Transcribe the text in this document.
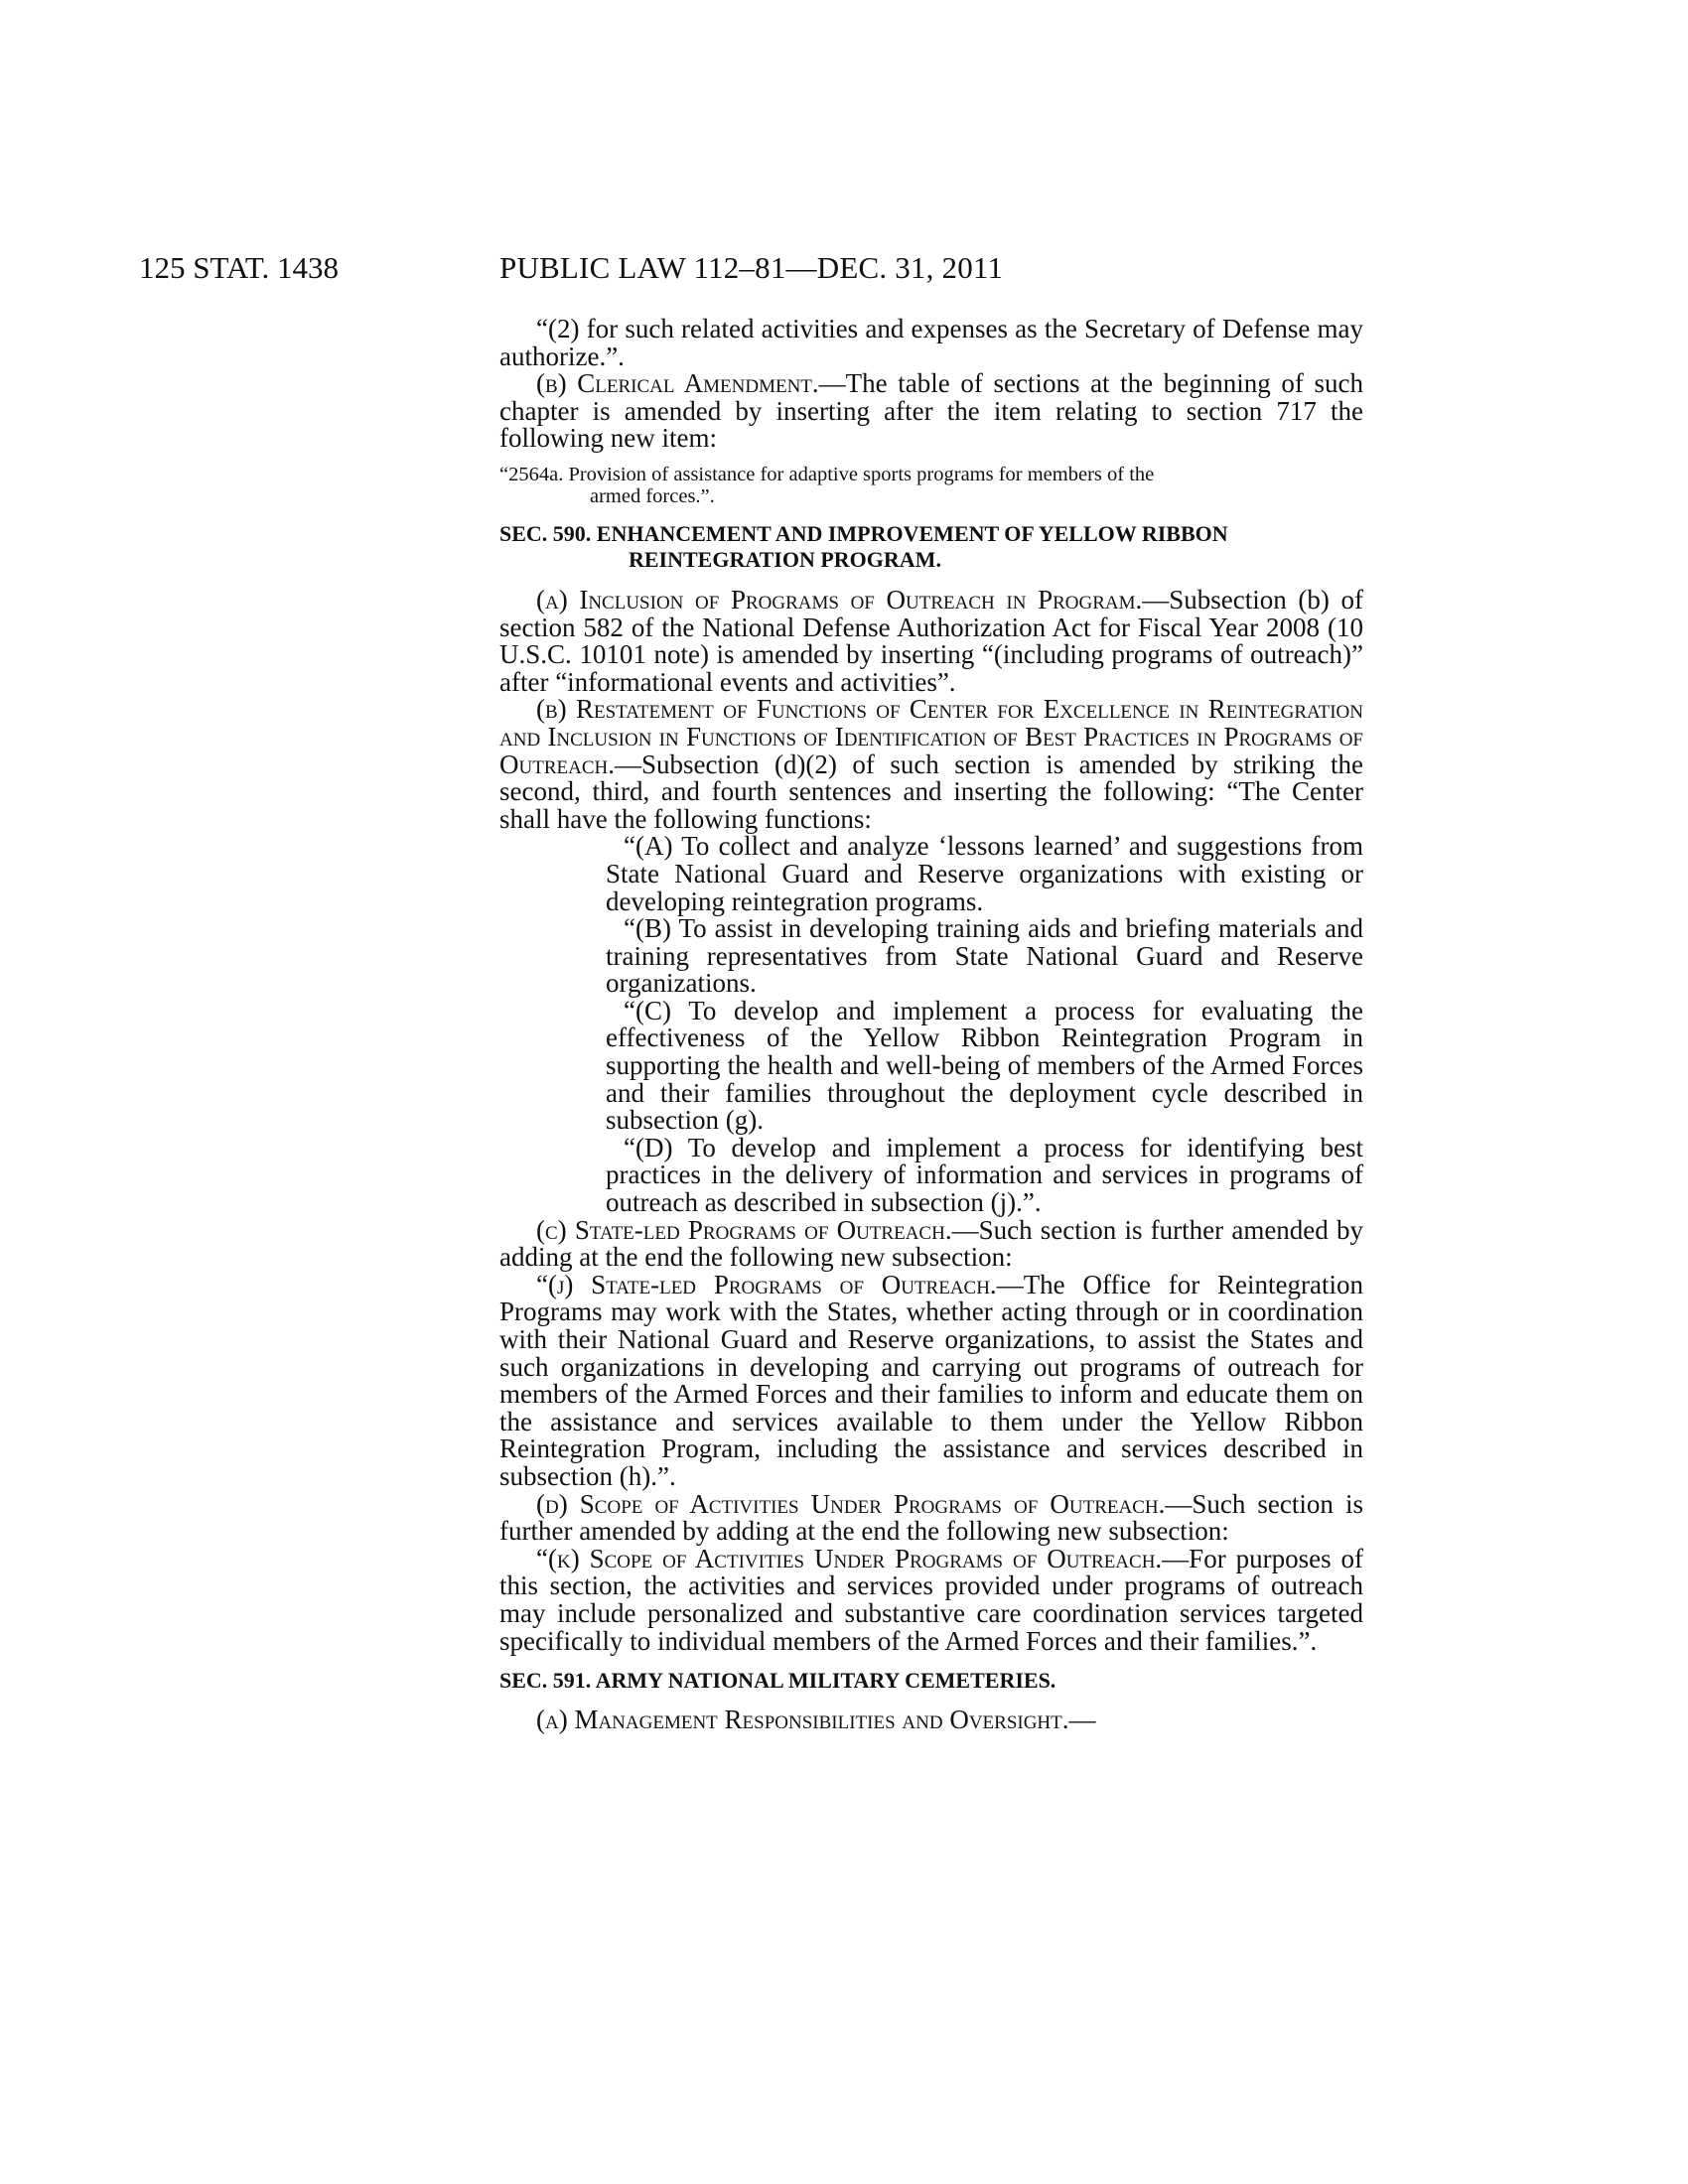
125 STAT. 1438	PUBLIC LAW 112–81—DEC. 31, 2011

“(2) for such related activities and expenses as the Secretary of Defense may authorize.”.

(b) Clerical Amendment.—The table of sections at the beginning of such chapter is amended by inserting after the item relating to section 717 the following new item:

“2564a. Provision of assistance for adaptive sports programs for members of the
armed forces.”.
SEC. 590. ENHANCEMENT AND IMPROVEMENT OF YELLOW RIBBON
REINTEGRATION PROGRAM.

(a) Inclusion of Programs of Outreach in Program.—Subsection (b) of section 582 of the National Defense Authorization Act for Fiscal Year 2008 (10 U.S.C. 10101 note) is amended by inserting “(including programs of outreach)” after “informational events and activities”.

(b) Restatement of Functions of Center for Excellence in Reintegration and Inclusion in Functions of Identification of Best Practices in Programs of Outreach.—Subsection (d)(2) of such section is amended by striking the second, third, and fourth sentences and inserting the following: “The Center shall have the following functions:

“(A) To collect and analyze ‘lessons learned’ and suggestions from State National Guard and Reserve organizations with existing or developing reintegration programs.

“(B) To assist in developing training aids and briefing materials and training representatives from State National Guard and Reserve organizations.

“(C) To develop and implement a process for evaluating the effectiveness of the Yellow Ribbon Reintegration Program in supporting the health and well-being of members of the Armed Forces and their families throughout the deployment cycle described in subsection (g).

“(D) To develop and implement a process for identifying best practices in the delivery of information and services in programs of outreach as described in subsection (j).”.

(c) State-led Programs of Outreach.—Such section is further amended by adding at the end the following new subsection:

“(j) State-led Programs of Outreach.—The Office for Reintegration Programs may work with the States, whether acting through or in coordination with their National Guard and Reserve organizations, to assist the States and such organizations in developing and carrying out programs of outreach for members of the Armed Forces and their families to inform and educate them on the assistance and services available to them under the Yellow Ribbon Reintegration Program, including the assistance and services described in subsection (h).”.

(d) Scope of Activities Under Programs of Outreach.—Such section is further amended by adding at the end the following new subsection:

“(k) Scope of Activities Under Programs of Outreach.—For purposes of this section, the activities and services provided under programs of outreach may include personalized and substantive care coordination services targeted specifically to individual members of the Armed Forces and their families.”.

SEC. 591. ARMY NATIONAL MILITARY CEMETERIES.

(a) Management Responsibilities and Oversight.—
